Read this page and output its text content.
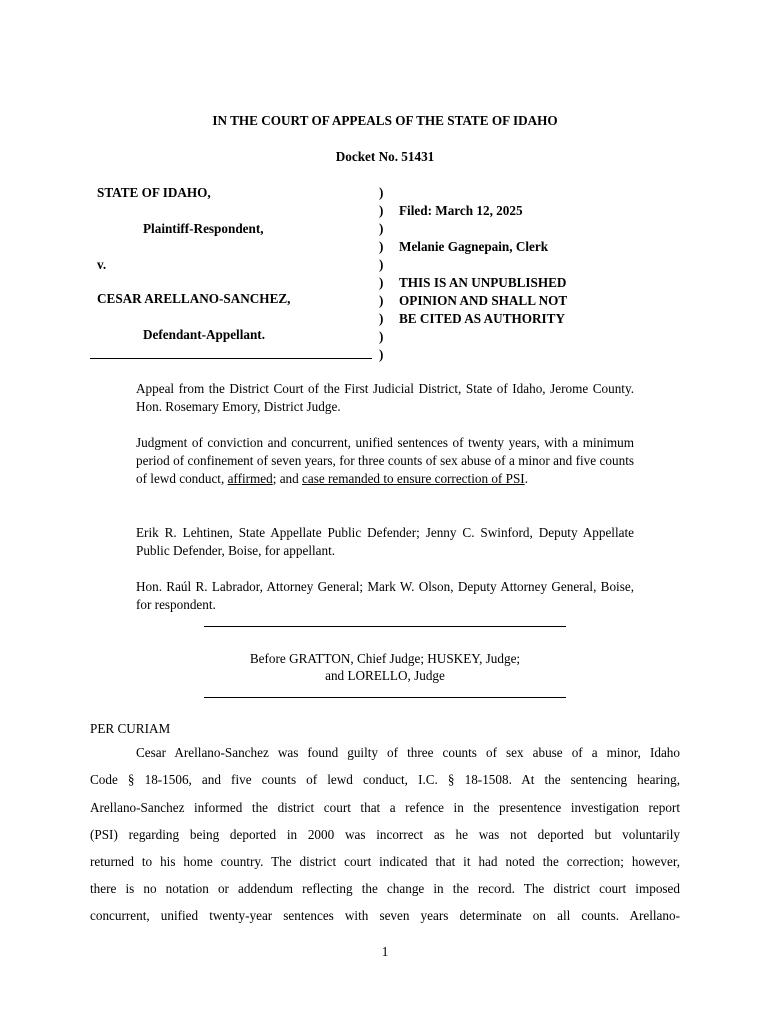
IN THE COURT OF APPEALS OF THE STATE OF IDAHO
Docket No. 51431
STATE OF IDAHO,
Plaintiff-Respondent,
v.
CESAR ARELLANO-SANCHEZ,
Defendant-Appellant.
)
)
)
)
)
)
)
)
)
)
Filed: March 12, 2025
Melanie Gagnepain, Clerk
THIS IS AN UNPUBLISHED
OPINION AND SHALL NOT
BE CITED AS AUTHORITY
Appeal from the District Court of the First Judicial District, State of Idaho, Jerome County. Hon. Rosemary Emory, District Judge.
Judgment of conviction and concurrent, unified sentences of twenty years, with a minimum period of confinement of seven years, for three counts of sex abuse of a minor and five counts of lewd conduct, affirmed; and case remanded to ensure correction of PSI.
Erik R. Lehtinen, State Appellate Public Defender; Jenny C. Swinford, Deputy Appellate Public Defender, Boise, for appellant.
Hon. Raúl R. Labrador, Attorney General; Mark W. Olson, Deputy Attorney General, Boise, for respondent.
Before GRATTON, Chief Judge; HUSKEY, Judge;
and LORELLO, Judge
PER CURIAM
Cesar Arellano-Sanchez was found guilty of three counts of sex abuse of a minor, Idaho
Code § 18-1506, and five counts of lewd conduct, I.C. § 18-1508. At the sentencing hearing,
Arellano-Sanchez informed the district court that a refence in the presentence investigation report
(PSI) regarding being deported in 2000 was incorrect as he was not deported but voluntarily
returned to his home country. The district court indicated that it had noted the correction; however,
there is no notation or addendum reflecting the change in the record. The district court imposed
concurrent, unified twenty-year sentences with seven years determinate on all counts. Arellano-
1
